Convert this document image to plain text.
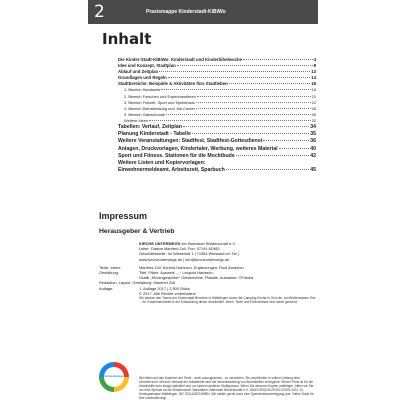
2	Praxismappe Kinderstadt-KiBiWo
Inhalt
Die Kinder-Stadt-KiBiWo: Kinderstadt und Kinderbibelwoche	4
Idee und Konzept, Stadtplan	8
Ablauf und Zeitplan	13
Grundlagen und Regeln	14
Stadtbereiche: Beispiele & Aktivitäten fürs Stadtleben	18
1. Bereich Handwerk	18
2. Bereich Forschen und Experimentieren	21
3. Bereich Freizeit, Sport und Spielehaus	22
4. Bereich Dienstleistung und Job-Center	26
5. Bereich Gastronomie	30
Weitere Ideen	32
Tabellen: Verlauf, Zeitplan	34
Planung Kinderstadt - Tabelle	35
Weitere Veranstaltungen: Stadtfest, Stadtfest-Gottesdienst	36
Anlagen, Druckvorlagen, Kindertaler, Werbung, weiteres Material	40
Sport und Fitness. Stationen für die Mocktbude	42
Weitere Listen und Kopiervorlagen:
Einwohnermeldeamt, Arbeitszeit, Sparbuch	45
Impressum
Herausgeber & Vertrieb
KIRCHE UNTERWEGS der Bahnauer Brüderschaft e.V.
Leiter: Diakon Manfred Zoll, Fon: 07191.61983
Geschäftsstelle: Im Wiesental 1 | 71554 Weissach im Tal |
www.kircheunterwegs.de | info@kircheunterwegs.de
Texte, Ideen:	Manfred Zoll, Kerrina Hartzsch, Ergänzungen: Rudi Auracher
Gestaltung:	Titel, Pläne, Ausweis ... : Leopold Hartzsch;
Grafik „Kindergesichter“ Geldscheine, Plakate, Ausweise: ©Fotolia
Redaktion, Layout, Gestaltung: Manfred Zoll
Auflage:	1. Auflage 2017 | 2.500 Stück
© 2017. Alle Rechte vorbehalten!
Wir danken den Teams der Kinderstadt-Bereiche in Häfelfingen sowie der Camping-Kirche in Goh-ren, am Bretterwasser See ... für Zusammenarbeit in der Entwicklung dieser Arbeitshilfe. Ideen, Texte und Erkenntnisse sind daher gemeint!
kircheunterwegs	Wir bitten auf das Kopieren der Texte - auch auszugsweise - zu verzichten. Sie verpflichten in vollem Umfang dem Urheberrecht. Mit dem Verkauf der Arbeitshilfe wird die Neuentwicklung von Arbeitshilfen ermöglicht. Mit der Preis ist für die Arbeitshilfe sehr knapp kalkuliert und vor keinem anderen Stoffsponsor. Wenn Sie dennoch Kopien anfertigen, bitten wir Sie um eine Spende an die Brüderschaft. Bankdaten: Bahnauer Brüderschaft e.V., IBAN DE63 6025 0010 0000 2411 10, Kreissparkasse Waiblingen, BIC SOLADES1WBN. Wir stellen gerne auch eine Spendenbescheinigung aus. Vielen Dank für Ihre Unterstützung!
